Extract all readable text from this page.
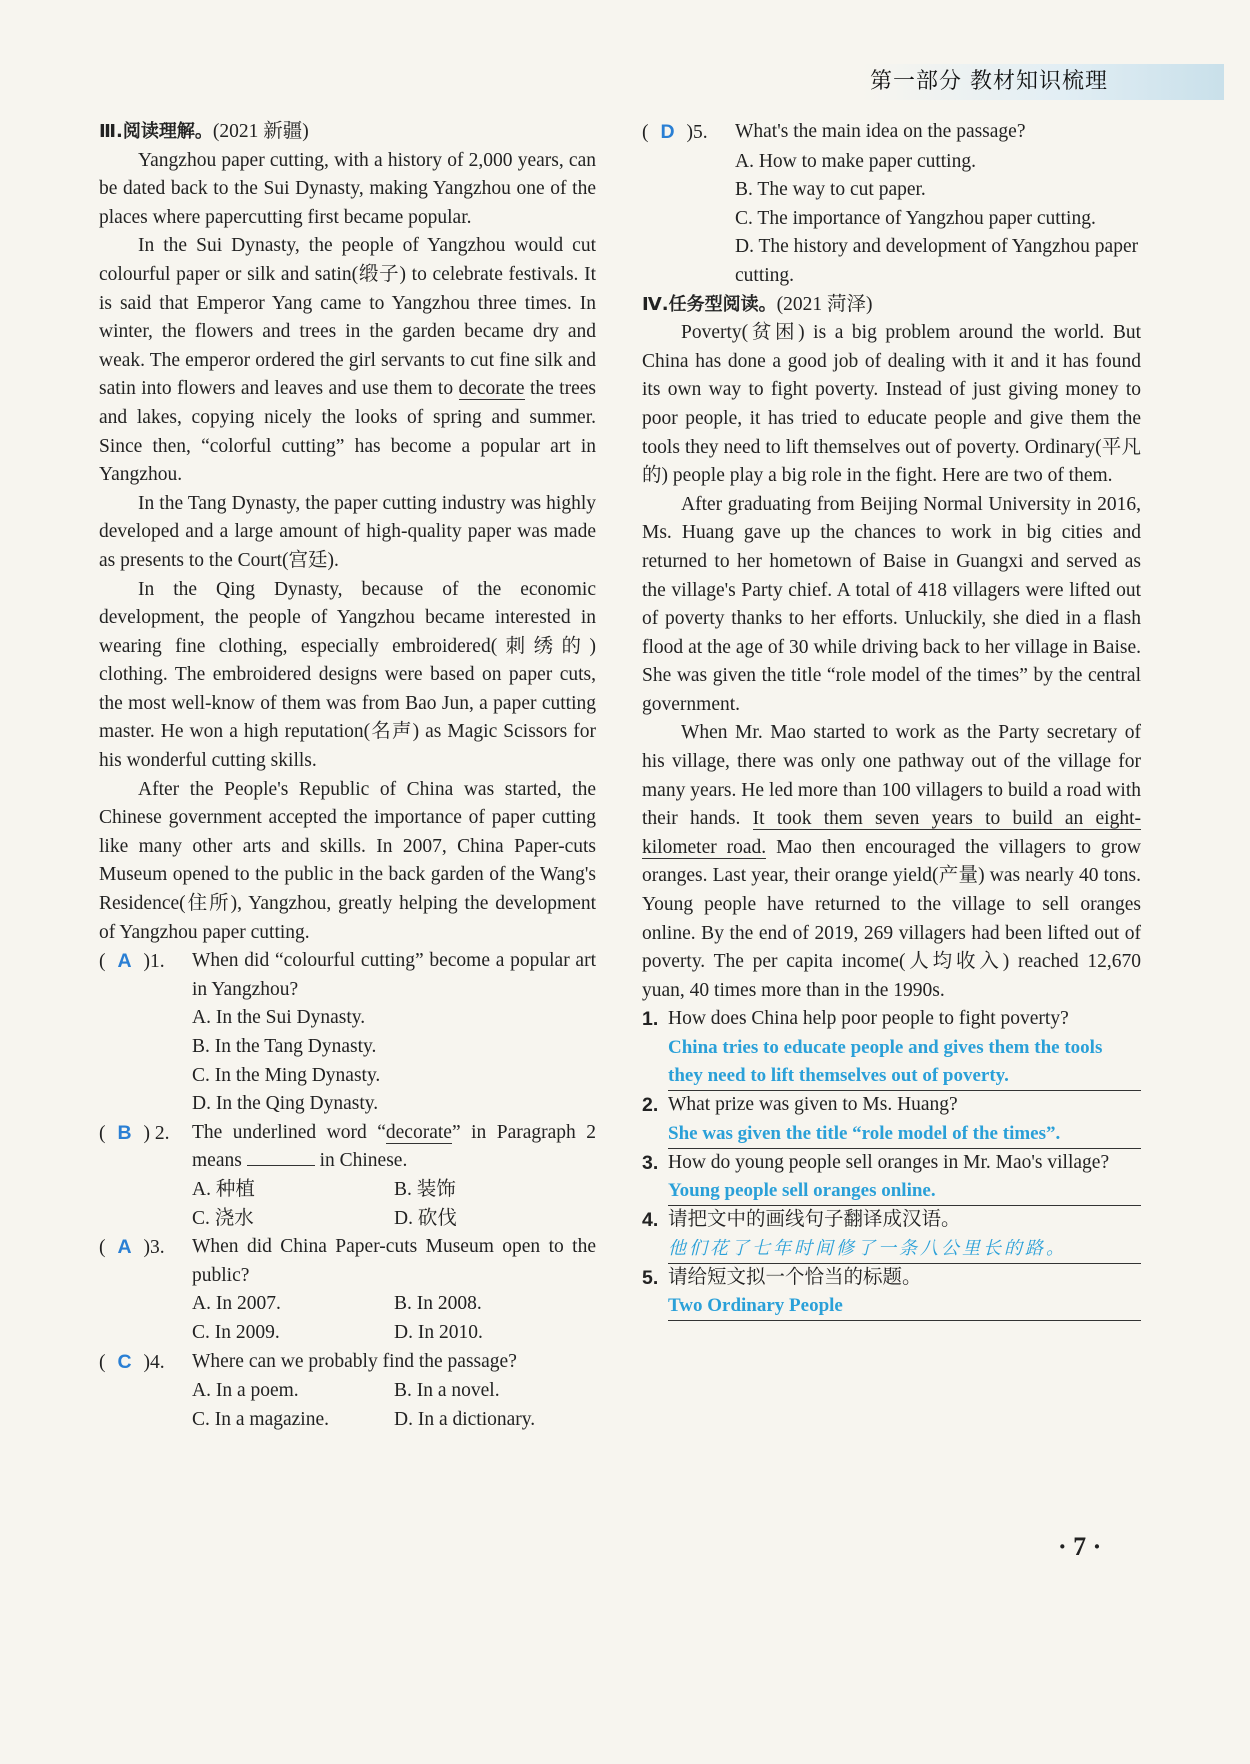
第一部分 教材知识梳理
Ⅲ.阅读理解。(2021 新疆)

Yangzhou paper cutting, with a history of 2,000 years, can be dated back to the Sui Dynasty, making Yangzhou one of the places where papercutting first became popular.

In the Sui Dynasty, the people of Yangzhou would cut colourful paper or silk and satin(缎子) to celebrate festivals. It is said that Emperor Yang came to Yangzhou three times. In winter, the flowers and trees in the garden became dry and weak. The emperor ordered the girl servants to cut fine silk and satin into flowers and leaves and use them to decorate the trees and lakes, copying nicely the looks of spring and summer. Since then, “colorful cutting” has become a popular art in Yangzhou.

In the Tang Dynasty, the paper cutting industry was highly developed and a large amount of high-quality paper was made as presents to the Court(宫廷).

In the Qing Dynasty, because of the economic development, the people of Yangzhou became interested in wearing fine clothing, especially embroidered(刺绣的) clothing. The embroidered designs were based on paper cuts, the most well-know of them was from Bao Jun, a paper cutting master. He won a high reputation(名声) as Magic Scissors for his wonderful cutting skills.

After the People's Republic of China was started, the Chinese government accepted the importance of paper cutting like many other arts and skills. In 2007, China Paper-cuts Museum opened to the public in the back garden of the Wang's Residence(住所), Yangzhou, greatly helping the development of Yangzhou paper cutting.

( A )1.	When did “colourful cutting” become a popular art in Yangzhou?
A. In the Sui Dynasty.
B. In the Tang Dynasty.
C. In the Ming Dynasty.
D. In the Qing Dynasty.
( B ) 2.	The underlined word “decorate” in Paragraph 2 means	in Chinese.
A. 种植	B. 装饰
C. 浇水	D. 砍伐
( A )3.	When did China Paper-cuts Museum open to the public?
A. In 2007.	B. In 2008.
C. In 2009.	D. In 2010.
( C )4.	Where can we probably find the passage?
A. In a poem.	B. In a novel.
C. In a magazine.	D. In a dictionary.
( D )5.	What's the main idea on the passage?
A. How to make paper cutting.
B. The way to cut paper.
C. The importance of Yangzhou paper cutting.
D. The history and development of Yangzhou paper cutting.
Ⅳ.任务型阅读。(2021 菏泽)

Poverty(贫困) is a big problem around the world. But China has done a good job of dealing with it and it has found its own way to fight poverty. Instead of just giving money to poor people, it has tried to educate people and give them the tools they need to lift themselves out of poverty. Ordinary(平凡的) people play a big role in the fight. Here are two of them.

After graduating from Beijing Normal University in 2016, Ms. Huang gave up the chances to work in big cities and returned to her hometown of Baise in Guangxi and served as the village's Party chief. A total of 418 villagers were lifted out of poverty thanks to her efforts. Unluckily, she died in a flash flood at the age of 30 while driving back to her village in Baise. She was given the title “role model of the times” by the central government.

When Mr. Mao started to work as the Party secretary of his village, there was only one pathway out of the village for many years. He led more than 100 villagers to build a road with their hands. It took them seven years to build an eight-kilometer road. Mao then encouraged the villagers to grow oranges. Last year, their orange yield(产量) was nearly 40 tons. Young people have returned to the village to sell oranges online. By the end of 2019, 269 villagers had been lifted out of poverty. The per capita income(人均收入) reached 12,670 yuan, 40 times more than in the 1990s.

1. How does China help poor people to fight poverty?
China tries to educate people and gives them the tools they need to lift themselves out of poverty.
2. What prize was given to Ms. Huang?
She was given the title “role model of the times”.
3. How do young people sell oranges in Mr. Mao's village?
Young people sell oranges online.
4. 请把文中的画线句子翻译成汉语。
他们花了七年时间修了一条八公里长的路。
5. 请给短文拟一个恰当的标题。
Two Ordinary People
· 7 ·
